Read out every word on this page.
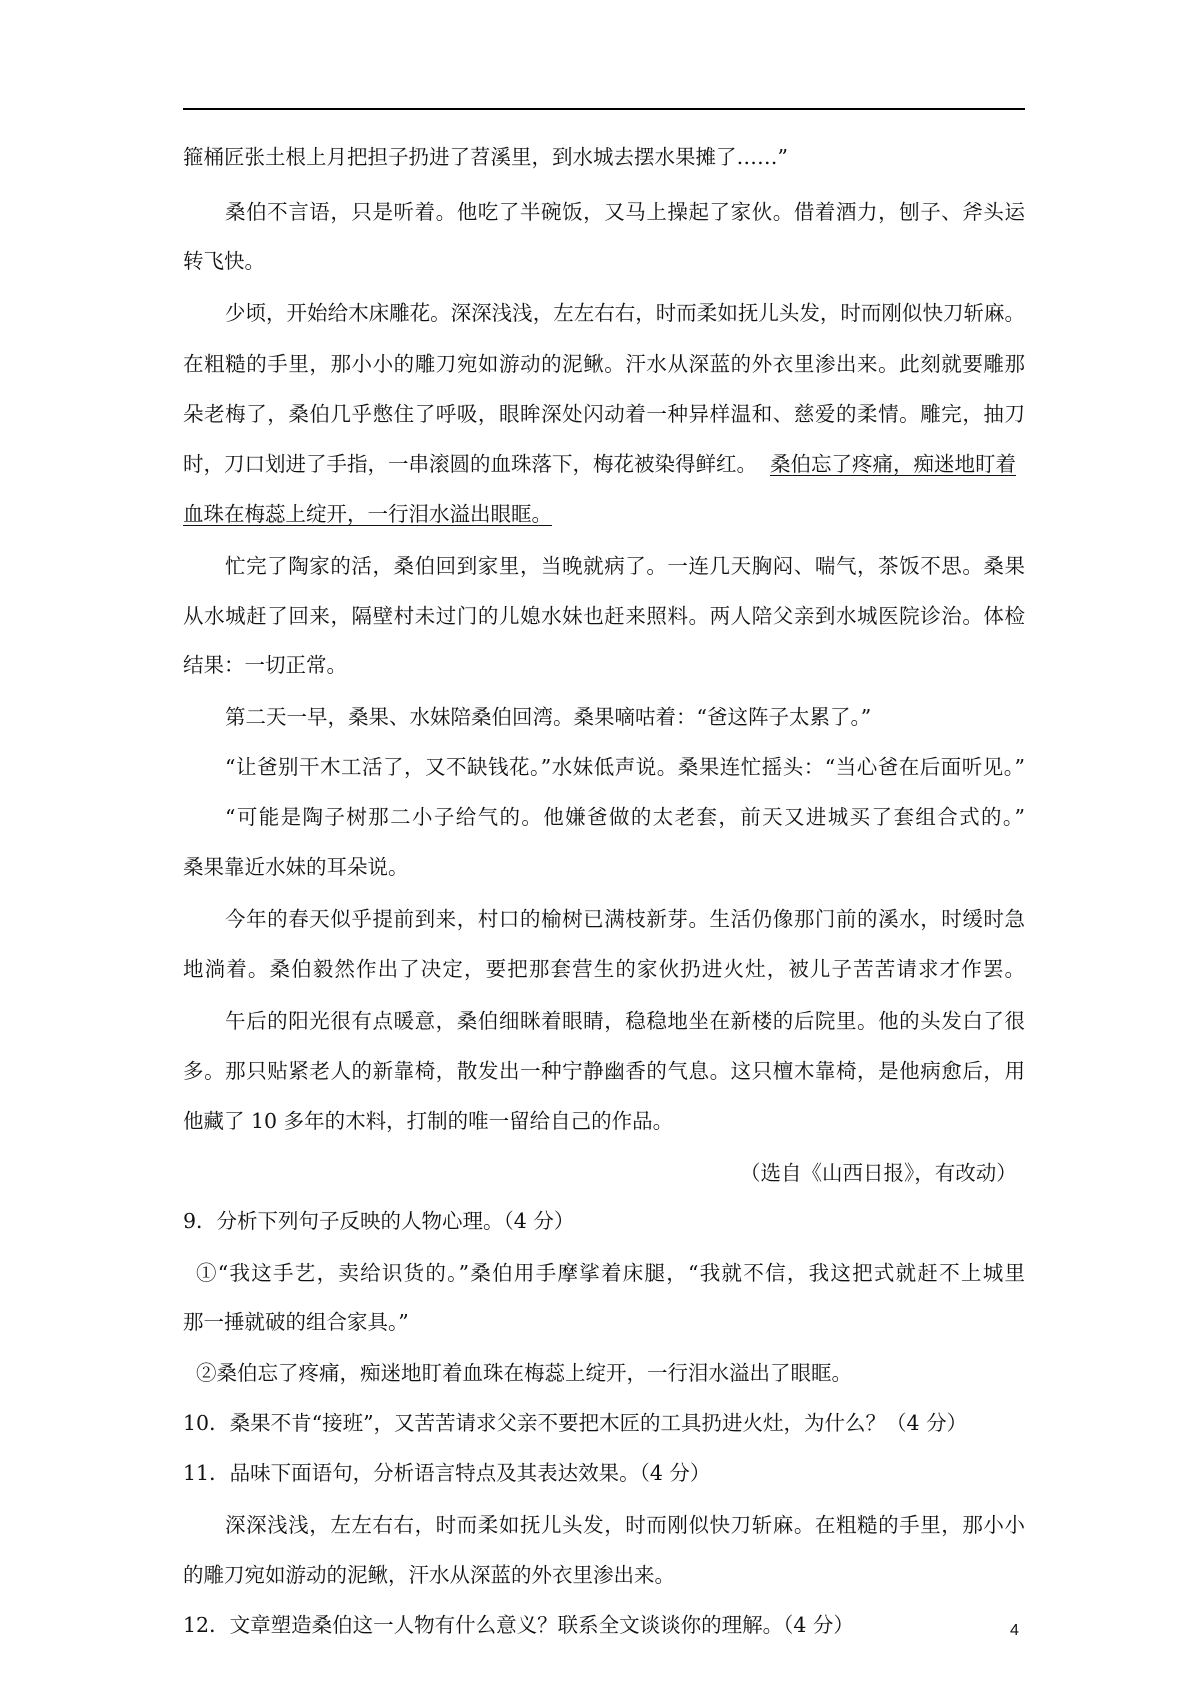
箍桶匠张土根上月把担子扔进了苕溪里，到水城去摆水果摊了……”
桑伯不言语，只是听着。他吃了半碗饭，又马上操起了家伙。借着酒力，刨子、斧头运
转飞快。
少顷，开始给木床雕花。深深浅浅，左左右右，时而柔如抚儿头发，时而刚似快刀斩麻。
在粗糙的手里，那小小的雕刀宛如游动的泥鳅。汗水从深蓝的外衣里渗出来。此刻就要雕那
朵老梅了，桑伯几乎憋住了呼吸，眼眸深处闪动着一种异样温和、慈爱的柔情。雕完，抽刀
时，刀口划进了手指，一串滚圆的血珠落下，梅花被染得鲜红。 桑伯忘了疼痛，痴迷地盯着
血珠在梅蕊上绽开，一行泪水溢出眼眶。
忙完了陶家的活，桑伯回到家里，当晚就病了。一连几天胸闷、喘气，茶饭不思。桑果
从水城赶了回来，隔壁村未过门的儿媳水妹也赶来照料。两人陪父亲到水城医院诊治。体检
结果：一切正常。
第二天一早，桑果、水妹陪桑伯回湾。桑果嘀咕着：“爸这阵子太累了。”
“让爸别干木工活了，又不缺钱花。”水妹低声说。桑果连忙摇头：“当心爸在后面听见。”
“可能是陶子树那二小子给气的。他嫌爸做的太老套，前天又进城买了套组合式的。”
桑果靠近水妹的耳朵说。
今年的春天似乎提前到来，村口的榆树已满枝新芽。生活仍像那门前的溪水，时缓时急
地淌着。桑伯毅然作出了决定，要把那套营生的家伙扔进火灶，被儿子苦苦请求才作罢。
午后的阳光很有点暖意，桑伯细眯着眼睛，稳稳地坐在新楼的后院里。他的头发白了很
多。那只贴紧老人的新靠椅，散发出一种宁静幽香的气息。这只檀木靠椅，是他病愈后，用
他藏了 10 多年的木料，打制的唯一留给自己的作品。
（选自《山西日报》，有改动）
9．分析下列句子反映的人物心理。（4 分）
①“我这手艺，卖给识货的。”桑伯用手摩挲着床腿，“我就不信，我这把式就赶不上城里
那一捶就破的组合家具。”
②桑伯忘了疼痛，痴迷地盯着血珠在梅蕊上绽开，一行泪水溢出了眼眶。
10．桑果不肯“接班”，又苦苦请求父亲不要把木匠的工具扔进火灶，为什么？（4 分）
11．品味下面语句，分析语言特点及其表达效果。（4 分）
深深浅浅，左左右右，时而柔如抚儿头发，时而刚似快刀斩麻。在粗糙的手里，那小小
的雕刀宛如游动的泥鳅，汗水从深蓝的外衣里渗出来。
12．文章塑造桑伯这一人物有什么意义？联系全文谈谈你的理解。（4 分）	4
